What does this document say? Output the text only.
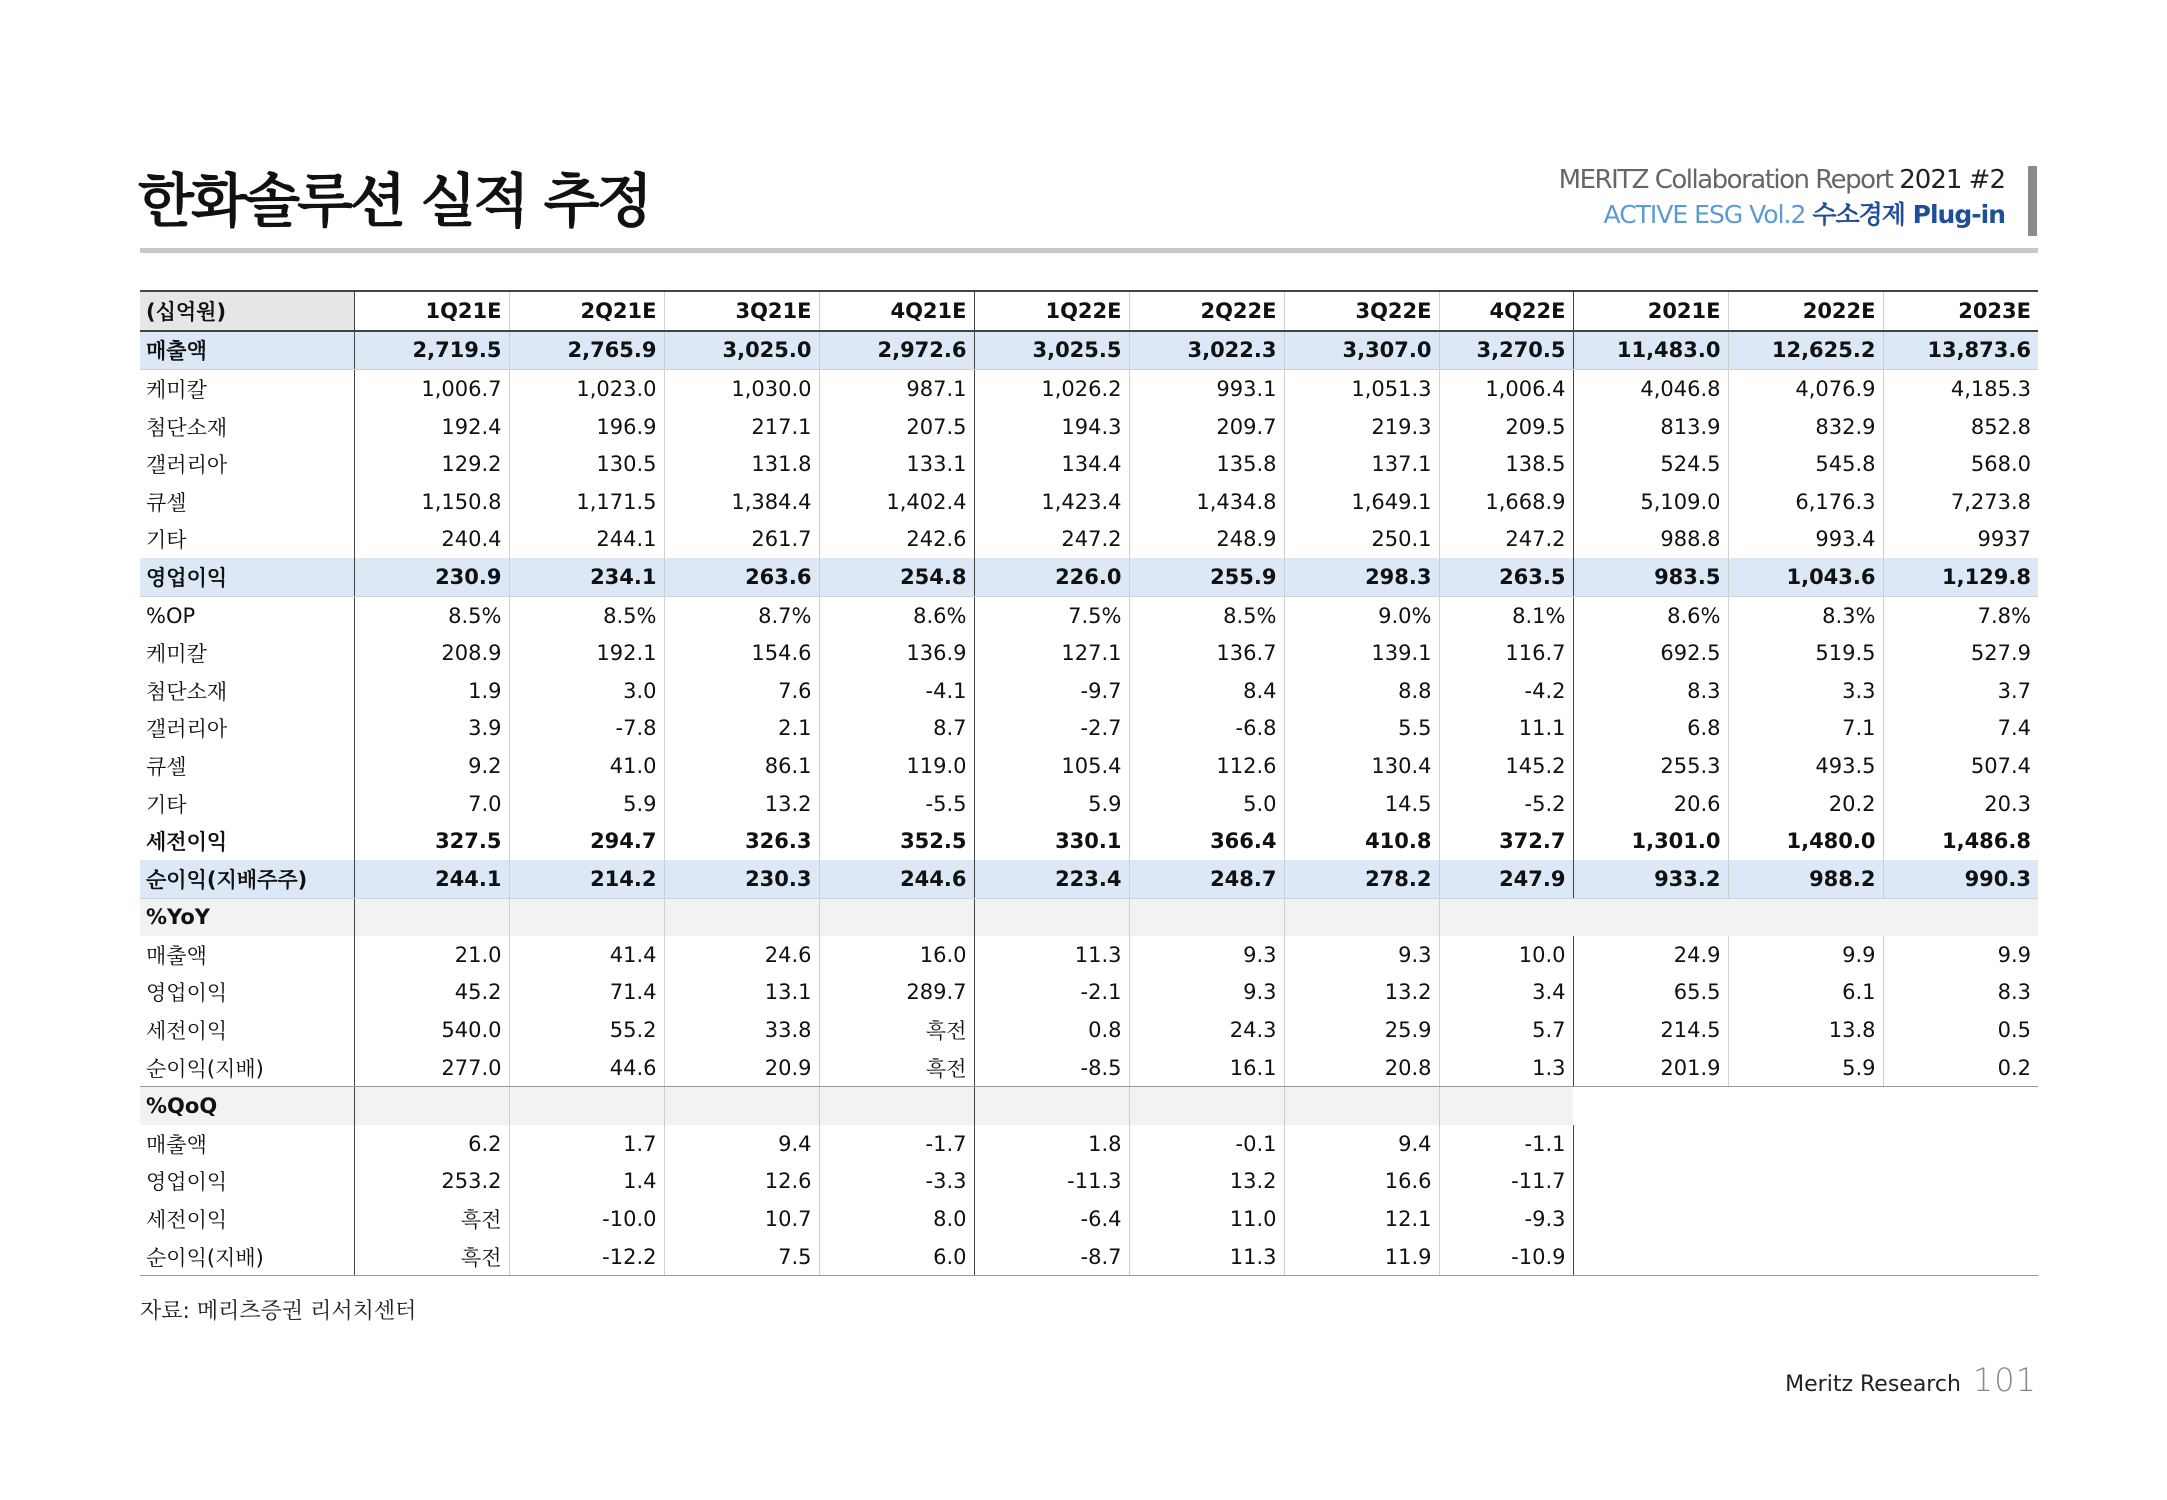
한화솔루션 실적 추정	MERITZ Collaboration Report 2021 #2
ACTIVE ESG Vol.2 수소경제 Plug-in
(십억원)	1Q21E	2Q21E	3Q21E	4Q21E	1Q22E	2Q22E	3Q22E	4Q22E	2021E	2022E	2023E
매출액	2,719.5	2,765.9	3,025.0	2,972.6	3,025.5	3,022.3	3,307.0	3,270.5	11,483.0	12,625.2	13,873.6
케미칼	1,006.7	1,023.0	1,030.0	987.1	1,026.2	993.1	1,051.3	1,006.4	4,046.8	4,076.9	4,185.3
첨단소재	192.4	196.9	217.1	207.5	194.3	209.7	219.3	209.5	813.9	832.9	852.8
갤러리아	129.2	130.5	131.8	133.1	134.4	135.8	137.1	138.5	524.5	545.8	568.0
큐셀	1,150.8	1,171.5	1,384.4	1,402.4	1,423.4	1,434.8	1,649.1	1,668.9	5,109.0	6,176.3	7,273.8
기타	240.4	244.1	261.7	242.6	247.2	248.9	250.1	247.2	988.8	993.4	9937
영업이익	230.9	234.1	263.6	254.8	226.0	255.9	298.3	263.5	983.5	1,043.6	1,129.8
%OP	8.5%	8.5%	8.7%	8.6%	7.5%	8.5%	9.0%	8.1%	8.6%	8.3%	7.8%
케미칼	208.9	192.1	154.6	136.9	127.1	136.7	139.1	116.7	692.5	519.5	527.9
첨단소재	1.9	3.0	7.6	-4.1	-9.7	8.4	8.8	-4.2	8.3	3.3	3.7
갤러리아	3.9	-7.8	2.1	8.7	-2.7	-6.8	5.5	11.1	6.8	7.1	7.4
큐셀	9.2	41.0	86.1	119.0	105.4	112.6	130.4	145.2	255.3	493.5	507.4
기타	7.0	5.9	13.2	-5.5	5.9	5.0	14.5	-5.2	20.6	20.2	20.3
세전이익	327.5	294.7	326.3	352.5	330.1	366.4	410.8	372.7	1,301.0	1,480.0	1,486.8
순이익(지배주주)	244.1	214.2	230.3	244.6	223.4	248.7	278.2	247.9	933.2	988.2	990.3
%YoY											
매출액	21.0	41.4	24.6	16.0	11.3	9.3	9.3	10.0	24.9	9.9	9.9
영업이익	45.2	71.4	13.1	289.7	-2.1	9.3	13.2	3.4	65.5	6.1	8.3
세전이익	540.0	55.2	33.8	흑전	0.8	24.3	25.9	5.7	214.5	13.8	0.5
순이익(지배)	277.0	44.6	20.9	흑전	-8.5	16.1	20.8	1.3	201.9	5.9	0.2
%QoQ											
매출액	6.2	1.7	9.4	-1.7	1.8	-0.1	9.4	-1.1			
영업이익	253.2	1.4	12.6	-3.3	-11.3	13.2	16.6	-11.7			
세전이익	흑전	-10.0	10.7	8.0	-6.4	11.0	12.1	-9.3			
순이익(지배)	흑전	-12.2	7.5	6.0	-8.7	11.3	11.9	-10.9			
자료: 메리츠증권 리서치센터
Meritz Research 101
